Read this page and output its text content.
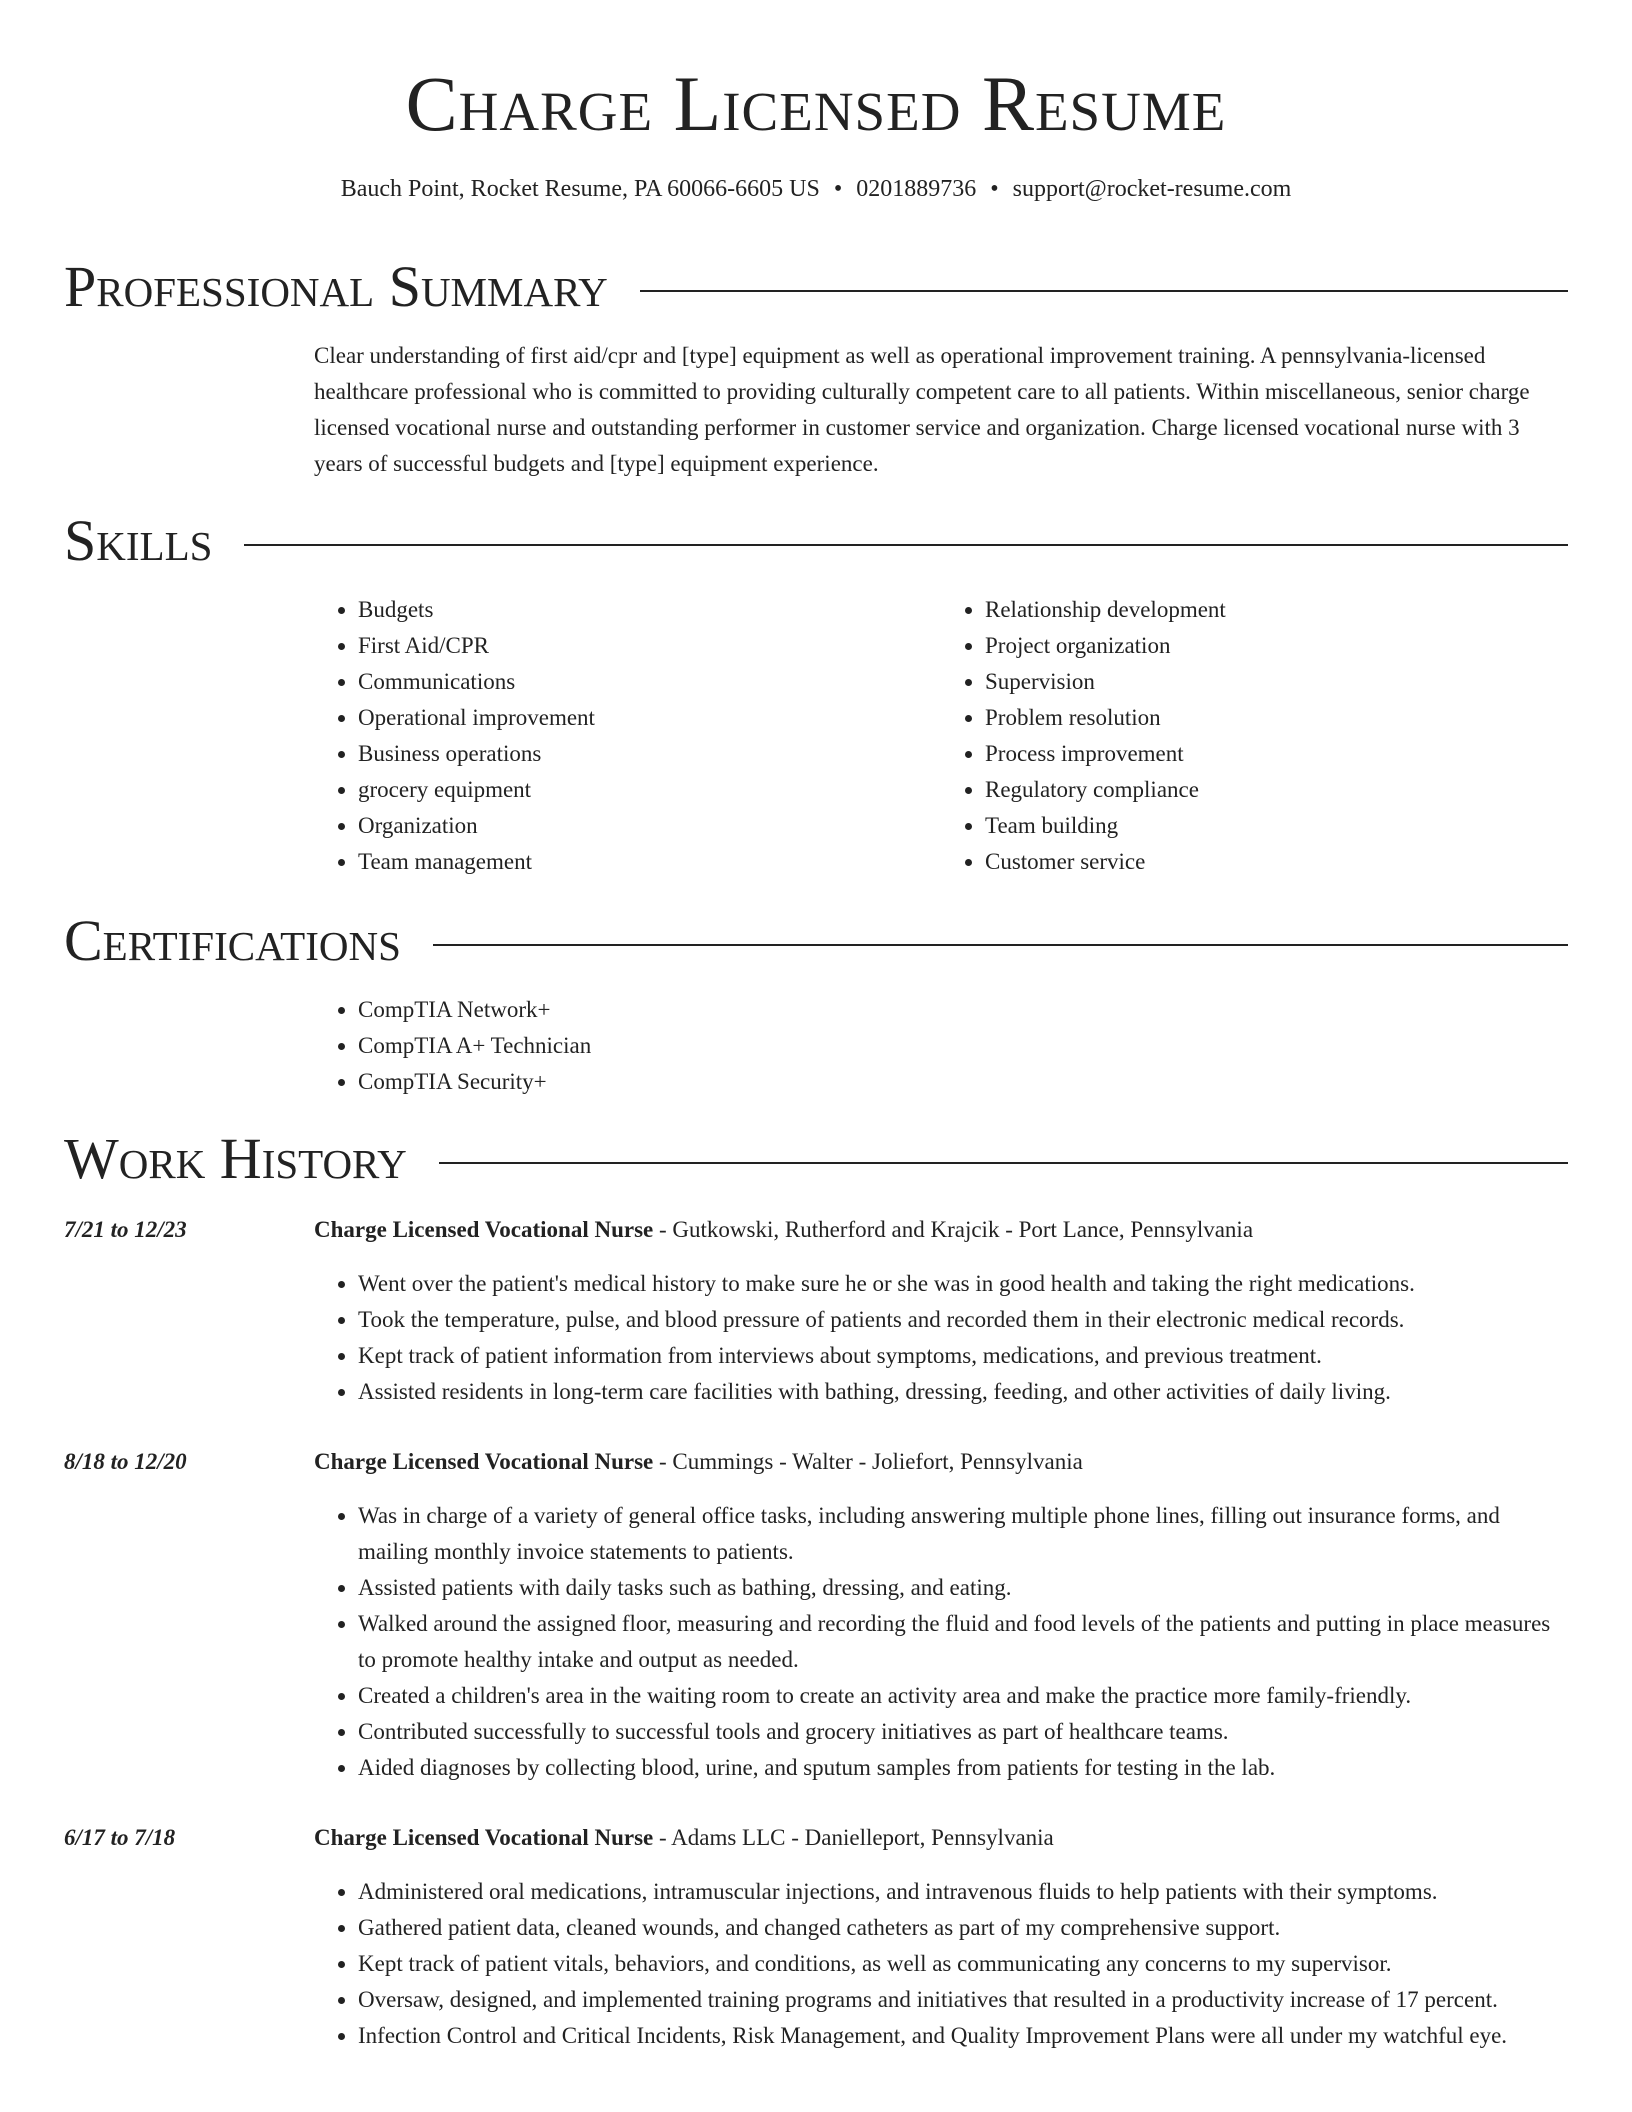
Charge Licensed Resume

Bauch Point, Rocket Resume, PA 60066-6605 US • 0201889736 • support@rocket-resume.com

Professional Summary

Clear understanding of first aid/cpr and [type] equipment as well as operational improvement training. A pennsylvania-licensed healthcare professional who is committed to providing culturally competent care to all patients. Within miscellaneous, senior charge licensed vocational nurse and outstanding performer in customer service and organization. Charge licensed vocational nurse with 3 years of successful budgets and [type] equipment experience.

Skills
• Budgets
• First Aid/CPR
• Communications
• Operational improvement
• Business operations
• grocery equipment
• Organization
• Team management
• Relationship development
• Project organization
• Supervision
• Problem resolution
• Process improvement
• Regulatory compliance
• Team building
• Customer service
Certifications
• CompTIA Network+
• CompTIA A+ Technician
• CompTIA Security+
Work History
7/21 to 12/23	Charge Licensed Vocational Nurse - Gutkowski, Rutherford and Krajcik - Port Lance, Pennsylvania
• Went over the patient's medical history to make sure he or she was in good health and taking the right medications.
• Took the temperature, pulse, and blood pressure of patients and recorded them in their electronic medical records.
• Kept track of patient information from interviews about symptoms, medications, and previous treatment.
• Assisted residents in long-term care facilities with bathing, dressing, feeding, and other activities of daily living.
8/18 to 12/20	Charge Licensed Vocational Nurse - Cummings - Walter - Joliefort, Pennsylvania
• Was in charge of a variety of general office tasks, including answering multiple phone lines, filling out insurance forms, and mailing monthly invoice statements to patients.
• Assisted patients with daily tasks such as bathing, dressing, and eating.
• Walked around the assigned floor, measuring and recording the fluid and food levels of the patients and putting in place measures to promote healthy intake and output as needed.
• Created a children's area in the waiting room to create an activity area and make the practice more family-friendly.
• Contributed successfully to successful tools and grocery initiatives as part of healthcare teams.
• Aided diagnoses by collecting blood, urine, and sputum samples from patients for testing in the lab.
6/17 to 7/18	Charge Licensed Vocational Nurse - Adams LLC - Danielleport, Pennsylvania
• Administered oral medications, intramuscular injections, and intravenous fluids to help patients with their symptoms.
• Gathered patient data, cleaned wounds, and changed catheters as part of my comprehensive support.
• Kept track of patient vitals, behaviors, and conditions, as well as communicating any concerns to my supervisor.
• Oversaw, designed, and implemented training programs and initiatives that resulted in a productivity increase of 17 percent.
• Infection Control and Critical Incidents, Risk Management, and Quality Improvement Plans were all under my watchful eye.
